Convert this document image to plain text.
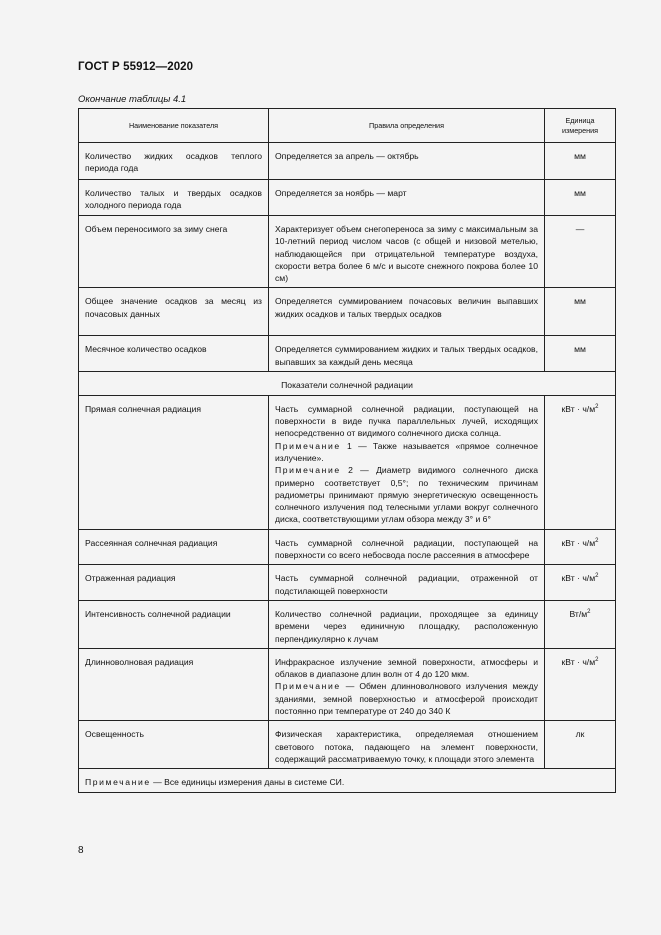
ГОСТ Р 55912—2020
Окончание таблицы 4.1
Наименование показателя	Правила определения	Единица измерения
Количество жидких осадков теплого периода года	Определяется за апрель — октябрь	мм
Количество талых и твердых осадков холодного периода года	Определяется за ноябрь — март	мм
Объем переносимого за зиму снега	Характеризует объем снегопереноса за зиму с максимальным за 10-летний период числом часов (с общей и низовой метелью, наблюдающейся при отрицательной температуре воздуха, скорости ветра более 6 м/с и высоте снежного покрова более 10 см)	—
Общее значение осадков за месяц из почасовых данных	Определяется суммированием почасовых величин выпавших жидких осадков и талых твердых осадков	мм
Месячное количество осадков	Определяется суммированием жидких и талых твердых осадков, выпавших за каждый день месяца	мм
Показатели солнечной радиации		
Прямая солнечная радиация	Часть суммарной солнечной радиации, поступающей на поверхности в виде пучка параллельных лучей, исходящих непосредственно от видимого солнечного диска солнца.
Примечание 1 — Также называется «прямое солнечное излучение».
Примечание 2 — Диаметр видимого солнечного диска примерно соответствует 0,5°; по техническим причинам радиометры принимают прямую энергетическую освещенность солнечного излучения под телесными углами вокруг солнечного диска, соответствующими углам обзора между 3° и 6°	кВт · $ч/м^2$
Рассеянная солнечная радиация	Часть суммарной солнечной радиации, поступающей на поверхности со всего небосвода после рассеяния в атмосфере	кВт · $ч/м^2$
Отраженная радиация	Часть суммарной солнечной радиации, отраженной от подстилающей поверхности	кВт · $ч/м^2$
Интенсивность солнечной радиации	Количество солнечной радиации, проходящее за единицу времени через единичную площадку, расположенную перпендикулярно к лучам	$Вт/м^2$
Длинноволновая радиация	Инфракрасное излучение земной поверхности, атмосферы и облаков в диапазоне длин волн от 4 до 120 мкм.
Примечание — Обмен длинноволнового излучения между зданиями, земной поверхностью и атмосферой происходит постоянно при температуре от 240 до 340 К	кВт · $ч/м^2$
Освещенность	Физическая характеристика, определяемая отношением светового потока, падающего на элемент поверхности, содержащий рассматриваемую точку, к площади этого элемента	лк
Примечание — Все единицы измерения даны в системе СИ.		
8
